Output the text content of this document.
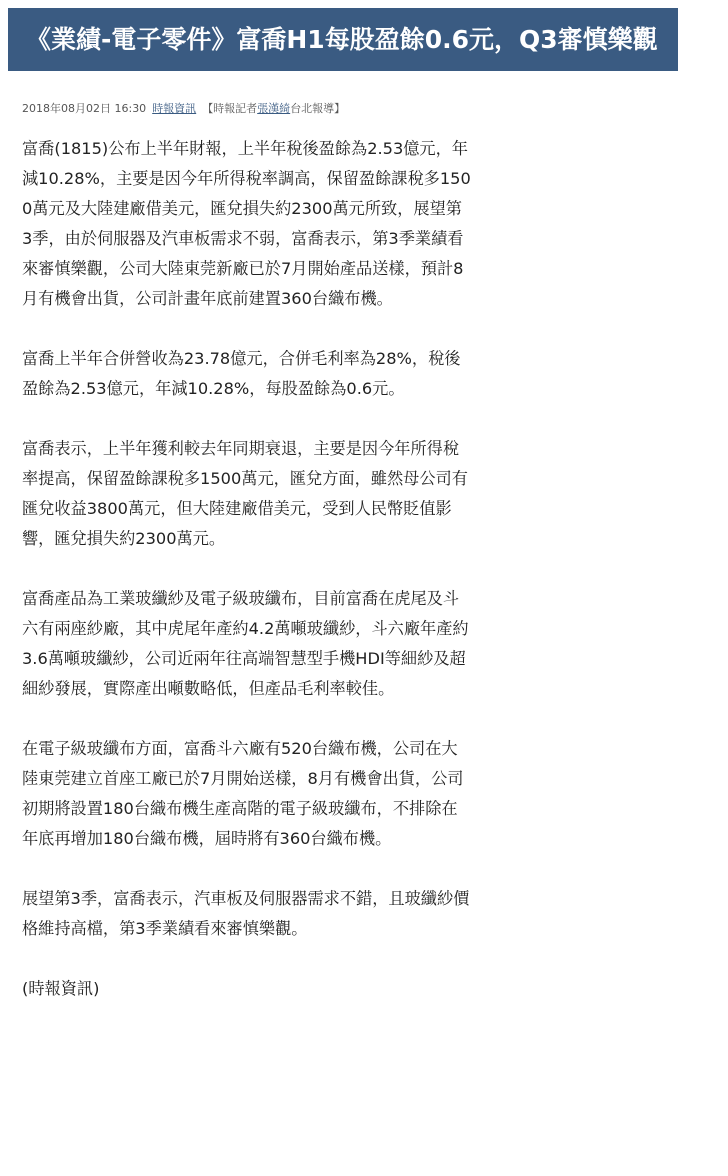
《業績-電子零件》富喬H1每股盈餘0.6元，Q3審慎樂觀
2018年08月02日 16:30 時報資訊 【時報記者張漢綺台北報導】

富喬(1815)公布上半年財報，上半年稅後盈餘為2.53億元，年減10.28%，主要是因今年所得稅率調高，保留盈餘課稅多1500萬元及大陸建廠借美元，匯兌損失約2300萬元所致，展望第3季，由於伺服器及汽車板需求不弱，富喬表示，第3季業績看來審慎樂觀，公司大陸東莞新廠已於7月開始產品送樣，預計8月有機會出貨，公司計畫年底前建置360台織布機。

富喬上半年合併營收為23.78億元，合併毛利率為28%，稅後盈餘為2.53億元，年減10.28%，每股盈餘為0.6元。

富喬表示，上半年獲利較去年同期衰退，主要是因今年所得稅率提高，保留盈餘課稅多1500萬元，匯兌方面，雖然母公司有匯兌收益3800萬元，但大陸建廠借美元，受到人民幣貶值影響，匯兌損失約2300萬元。

富喬產品為工業玻纖紗及電子級玻纖布，目前富喬在虎尾及斗六有兩座紗廠，其中虎尾年產約4.2萬噸玻纖紗，斗六廠年產約3.6萬噸玻纖紗，公司近兩年往高端智慧型手機HDI等細紗及超細紗發展，實際產出噸數略低，但產品毛利率較佳。

在電子級玻纖布方面，富喬斗六廠有520台織布機，公司在大陸東莞建立首座工廠已於7月開始送樣，8月有機會出貨，公司初期將設置180台織布機生產高階的電子級玻纖布，不排除在年底再增加180台織布機，屆時將有360台織布機。

展望第3季，富喬表示，汽車板及伺服器需求不錯，且玻纖紗價格維持高檔，第3季業績看來審慎樂觀。

(時報資訊)
